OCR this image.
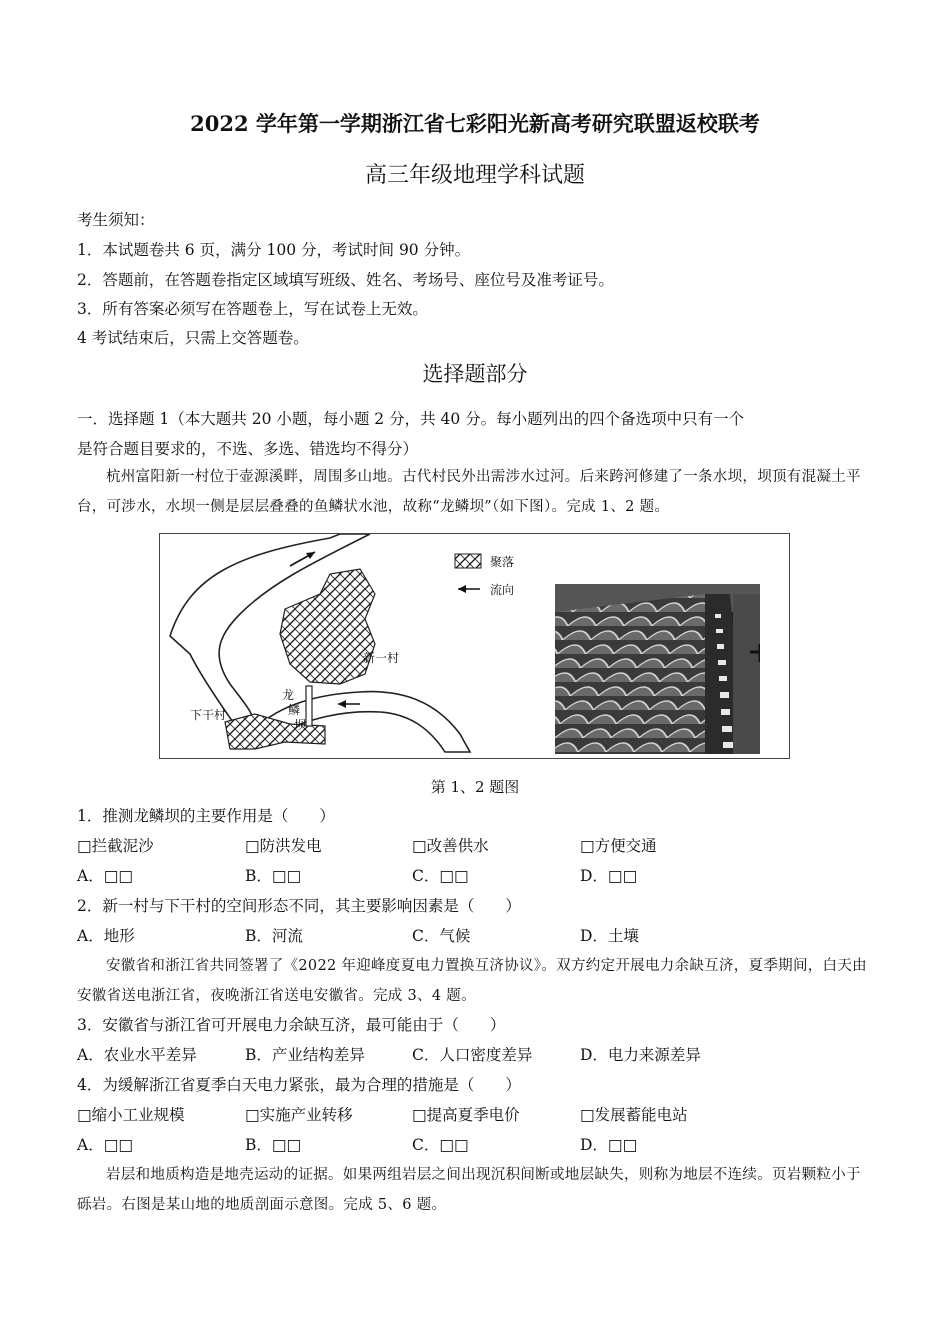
2022 学年第一学期浙江省七彩阳光新高考研究联盟返校联考
高三年级地理学科试题
考生须知：
1．本试题卷共 6 页，满分 100 分，考试时间 90 分钟。
2．答题前，在答题卷指定区域填写班级、姓名、考场号、座位号及准考证号。
3．所有答案必须写在答题卷上，写在试卷上无效。
4 考试结束后，只需上交答题卷。
选择题部分
一．选择题 1（本大题共 20 小题，每小题 2 分，共 40 分。每小题列出的四个备选项中只有一个
是符合题目要求的，不选、多选、错选均不得分）
杭州富阳新一村位于壶源溪畔，周围多山地。古代村民外出需涉水过河。后来跨河修建了一条水坝，坝顶有混凝土平台，可涉水，水坝一侧是层层叠叠的鱼鳞状水池，故称“龙鳞坝”（如下图）。完成 1、2 题。
聚落
流向
新一村
下干村
龙
鳞
坝
第 1、2 题图
1．推测龙鳞坝的主要作用是（　　）
□拦截泥沙	□防洪发电	□改善供水	□方便交通
A．□□	B．□□	C．□□	D．□□
2．新一村与下干村的空间形态不同，其主要影响因素是（　　）
A．地形	B．河流	C．气候	D．土壤
安徽省和浙江省共同签署了《2022 年迎峰度夏电力置换互济协议》。双方约定开展电力余缺互济，夏季期间，白天由安徽省送电浙江省，夜晚浙江省送电安徽省。完成 3、4 题。
3．安徽省与浙江省可开展电力余缺互济，最可能由于（　　）
A．农业水平差异	B．产业结构差异	C．人口密度差异	D．电力来源差异
4．为缓解浙江省夏季白天电力紧张，最为合理的措施是（　　）
□缩小工业规模	□实施产业转移	□提高夏季电价	□发展蓄能电站
A．□□	B．□□	C．□□	D．□□
岩层和地质构造是地壳运动的证据。如果两组岩层之间出现沉积间断或地层缺失，则称为地层不连续。页岩颗粒小于砾岩。右图是某山地的地质剖面示意图。完成 5、6 题。
